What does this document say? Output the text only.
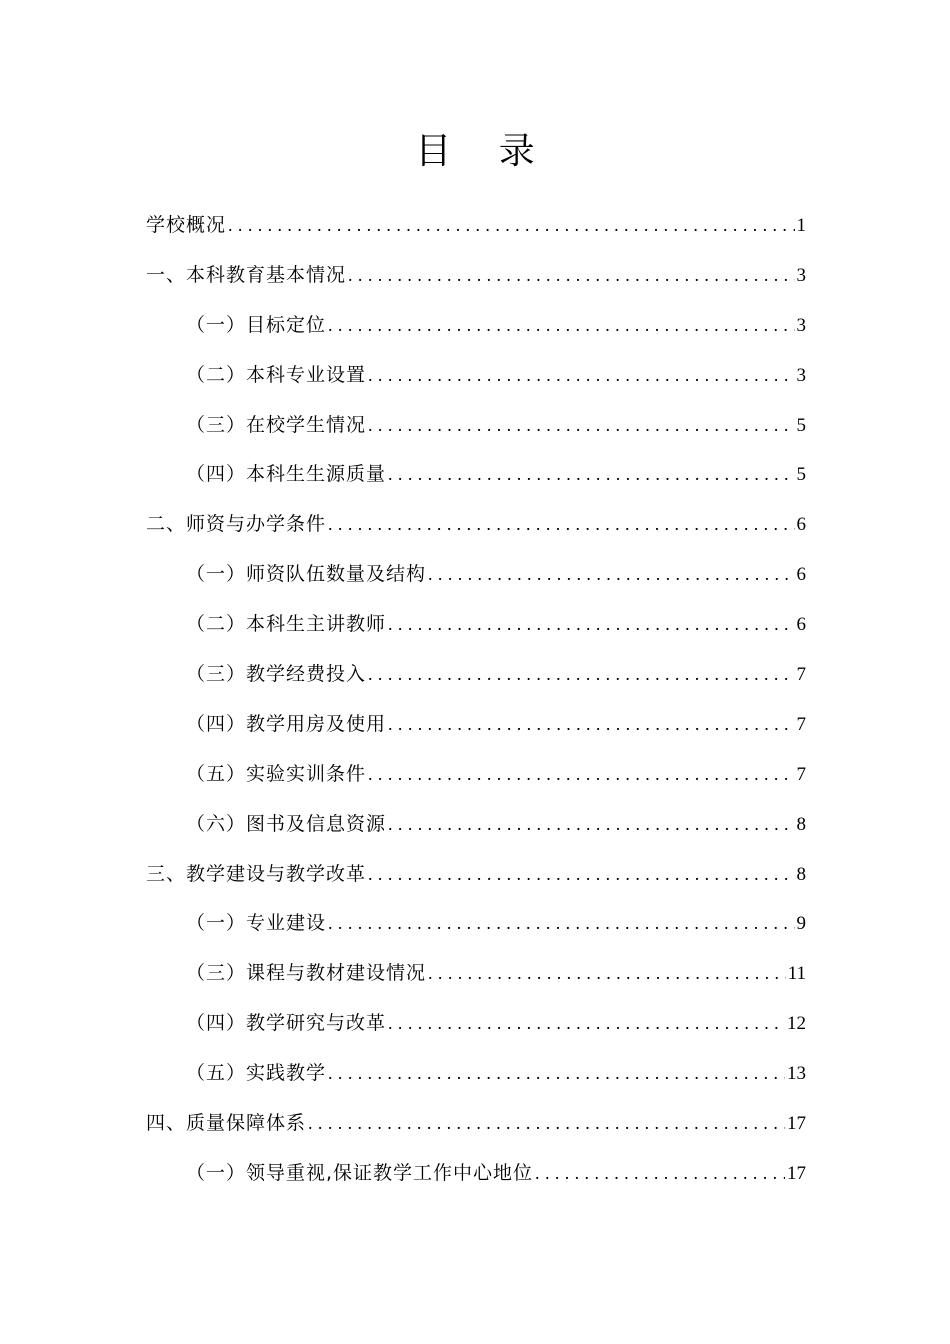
目 录
学校概况 .....	1
一、本科教育基本情况 .....	3
（一）目标定位 .....	3
（二）本科专业设置 .....	3
（三）在校学生情况 .....	5
（四）本科生生源质量 .....	5
二、师资与办学条件 .....	6
（一）师资队伍数量及结构 .....	6
（二）本科生主讲教师 .....	6
（三）教学经费投入 .....	7
（四）教学用房及使用 .....	7
（五）实验实训条件 .....	7
（六）图书及信息资源 .....	8
三、教学建设与教学改革 .....	8
（一）专业建设 .....	9
（三）课程与教材建设情况 .....	11
（四）教学研究与改革 .....	12
（五）实践教学 .....	13
四、质量保障体系 .....	17
（一）领导重视,保证教学工作中心地位 .....	17
